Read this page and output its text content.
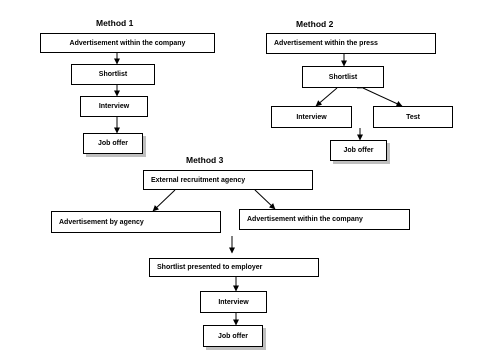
Method 1
Advertisement within the company
Shortlist
Interview
Job offer
Method 2
Advertisement within the press
Shortlist
Interview	Test
Job offer
Method 3
External recruitment agency
Advertisement by agency	Advertisement within the company
Shortlist presented to employer
Interview
Job offer
